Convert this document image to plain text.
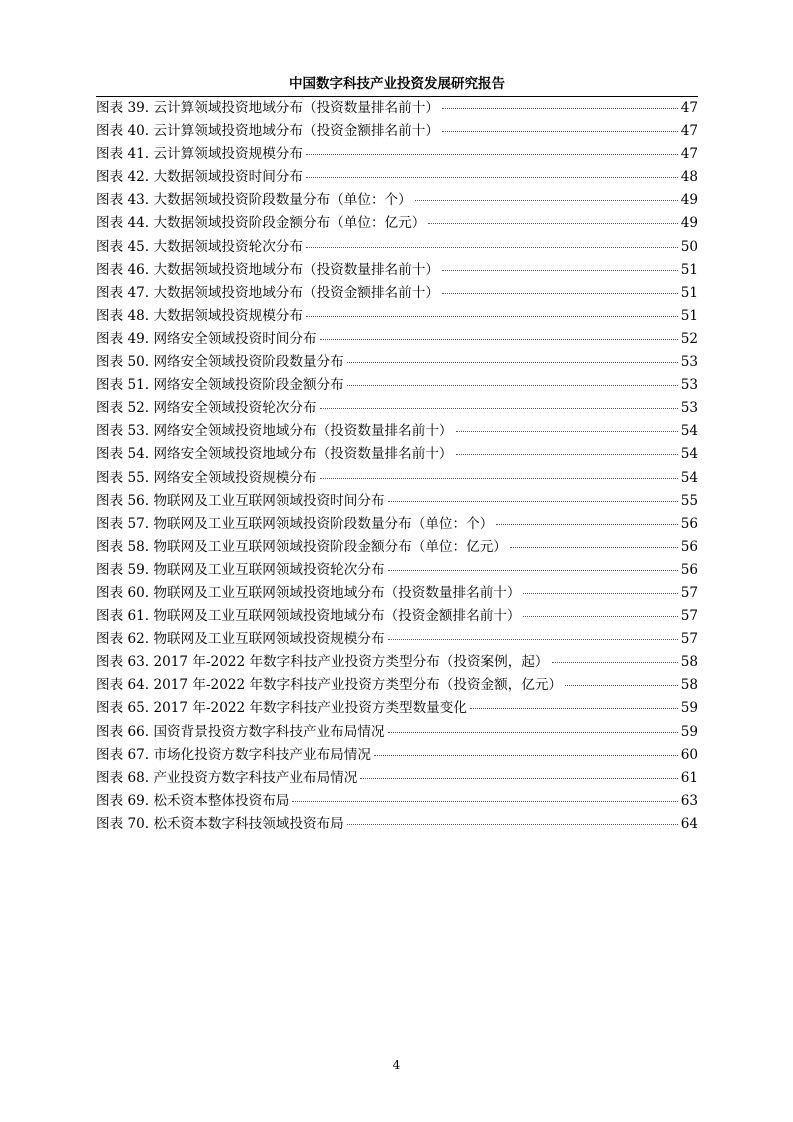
中国数字科技产业投资发展研究报告
图表 39. 云计算领域投资地域分布（投资数量排名前十）	47
图表 40. 云计算领域投资地域分布（投资金额排名前十）	47
图表 41. 云计算领域投资规模分布	47
图表 42. 大数据领域投资时间分布	48
图表 43. 大数据领域投资阶段数量分布（单位：个）	49
图表 44. 大数据领域投资阶段金额分布（单位：亿元）	49
图表 45. 大数据领域投资轮次分布	50
图表 46. 大数据领域投资地域分布（投资数量排名前十）	51
图表 47. 大数据领域投资地域分布（投资金额排名前十）	51
图表 48. 大数据领域投资规模分布	51
图表 49. 网络安全领域投资时间分布	52
图表 50. 网络安全领域投资阶段数量分布	53
图表 51. 网络安全领域投资阶段金额分布	53
图表 52. 网络安全领域投资轮次分布	53
图表 53. 网络安全领域投资地域分布（投资数量排名前十）	54
图表 54. 网络安全领域投资地域分布（投资数量排名前十）	54
图表 55. 网络安全领域投资规模分布	54
图表 56. 物联网及工业互联网领域投资时间分布	55
图表 57. 物联网及工业互联网领域投资阶段数量分布（单位：个）	56
图表 58. 物联网及工业互联网领域投资阶段金额分布（单位：亿元）	56
图表 59. 物联网及工业互联网领域投资轮次分布	56
图表 60. 物联网及工业互联网领域投资地域分布（投资数量排名前十）	57
图表 61. 物联网及工业互联网领域投资地域分布（投资金额排名前十）	57
图表 62. 物联网及工业互联网领域投资规模分布	57
图表 63. 2017 年-2022 年数字科技产业投资方类型分布（投资案例，起）	58
图表 64. 2017 年-2022 年数字科技产业投资方类型分布（投资金额，亿元）	58
图表 65. 2017 年-2022 年数字科技产业投资方类型数量变化	59
图表 66. 国资背景投资方数字科技产业布局情况	59
图表 67. 市场化投资方数字科技产业布局情况	60
图表 68. 产业投资方数字科技产业布局情况	61
图表 69. 松禾资本整体投资布局	63
图表 70. 松禾资本数字科技领域投资布局	64
4
